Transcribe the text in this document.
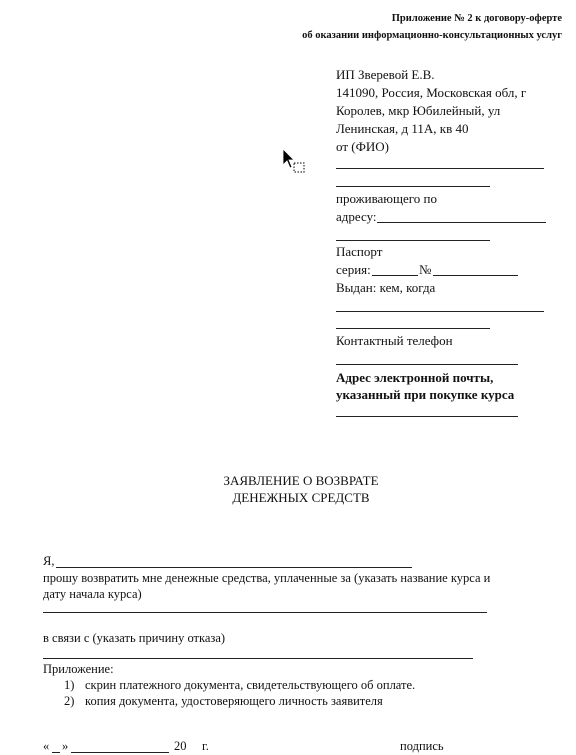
Приложение № 2 к договору-оферте
об оказании информационно-консультационных услуг
ИП Зверевой Е.В.
141090, Россия, Московская обл, г
Королев, мкр Юбилейный, ул
Ленинская, д 11А, кв 40
от (ФИО)
проживающего по
адресу:
Паспорт
серия:	№
Выдан: кем, когда
Контактный телефон
Адрес электронной почты,
указанный при покупке курса
ЗАЯВЛЕНИЕ О ВОЗВРАТЕ
ДЕНЕЖНЫХ СРЕДСТВ
Я,
прошу возвратить мне денежные средства, уплаченные за (указать название курса и
дату начала курса)
в связи с (указать причину отказа)
Приложение:
1) скрин платежного документа, свидетельствующего об оплате.
2) копия документа, удостоверяющего личность заявителя
« »	20 г.	подпись
